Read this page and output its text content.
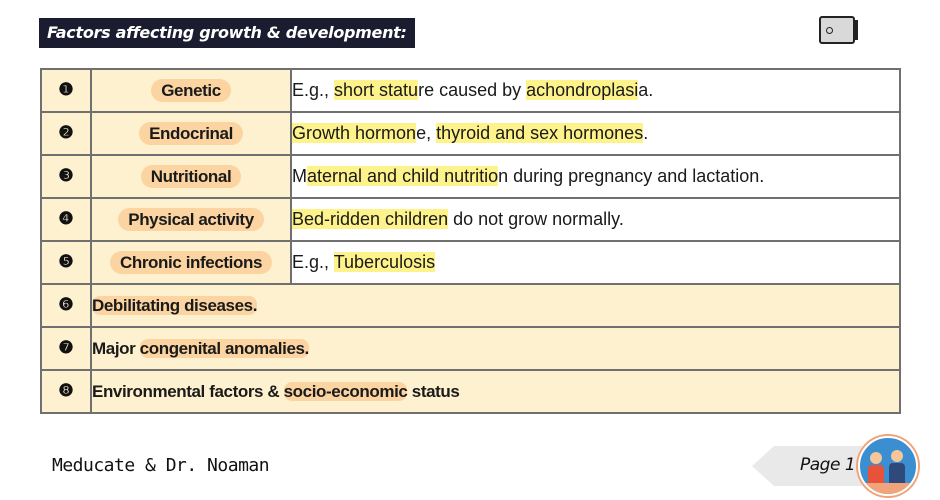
Factors affecting growth & development:
❶	Genetic	E.g., short stature caused by achondroplasia.
❷	Endocrinal	Growth hormone, thyroid and sex hormones.
❸	Nutritional	Maternal and child nutrition during pregnancy and lactation.
❹	Physical activity	Bed-ridden children do not grow normally.
❺	Chronic infections	E.g., Tuberculosis
❻	Debilitating diseases.	
❼	Major congenital anomalies.	
❽	Environmental factors & socio-economic status	
Meducate & Dr. Noaman	Page 1
